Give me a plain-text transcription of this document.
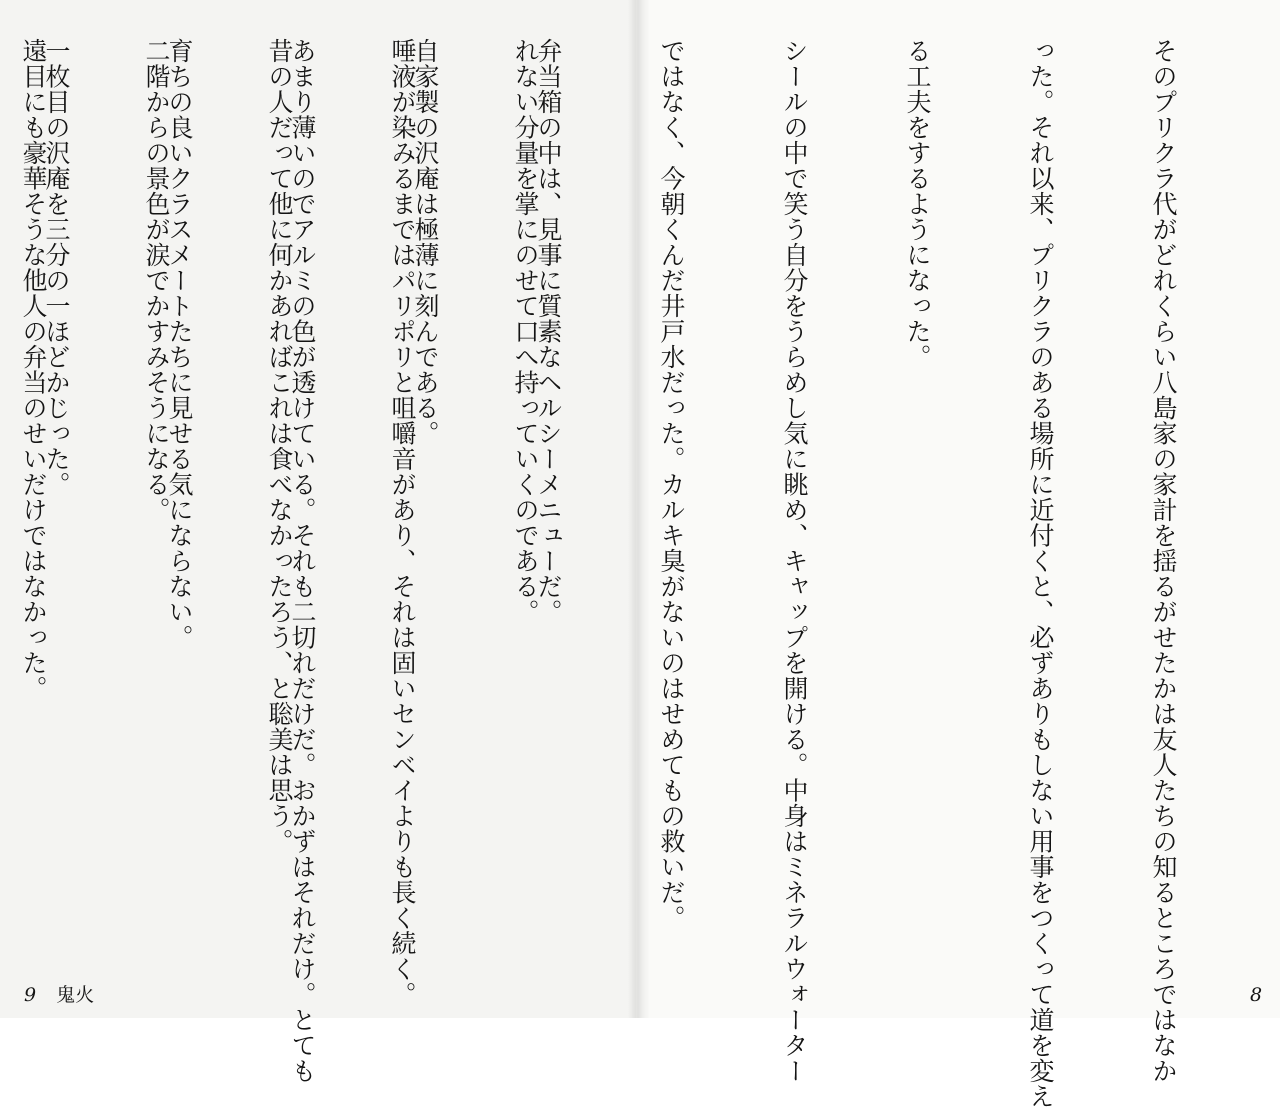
れない分量を掌にのせて口へ持っていくのである。

唾液が染みるまではパリポリと咀嚼音があり、それは固いセンベイよりも長く続く。

昔の人だって他に何かあればこれは食べなかったろう、と聡美は思う。

二階からの景色が涙でかすみそうになる。

遠目にも豪華そうな他人の弁当のせいだけではなかった。

9 鬼火

	そのプリクラ代がどれくらい八島家の家計を揺るがせたかは友人たちの知るところではなか

った。それ以来、プリクラのある場所に近付くと、必ずありもしない用事をつくって道を変え

る工夫をするようになった。

シールの中で笑う自分をうらめし気に眺め、キャップを開ける。中身はミネラルウォーター

ではなく、今朝くんだ井戸水だった。カルキ臭がないのはせめてもの救いだ。

弁当箱の中は、見事に質素なヘルシーメニューだ。

自家製の沢庵は極薄に刻んである。

あまり薄いのでアルミの色が透けている。それも二切れだけだ。おかずはそれだけ。とても

育ちの良いクラスメートたちに見せる気にならない。

一枚目の沢庵を三分の一ほどかじった。

8
